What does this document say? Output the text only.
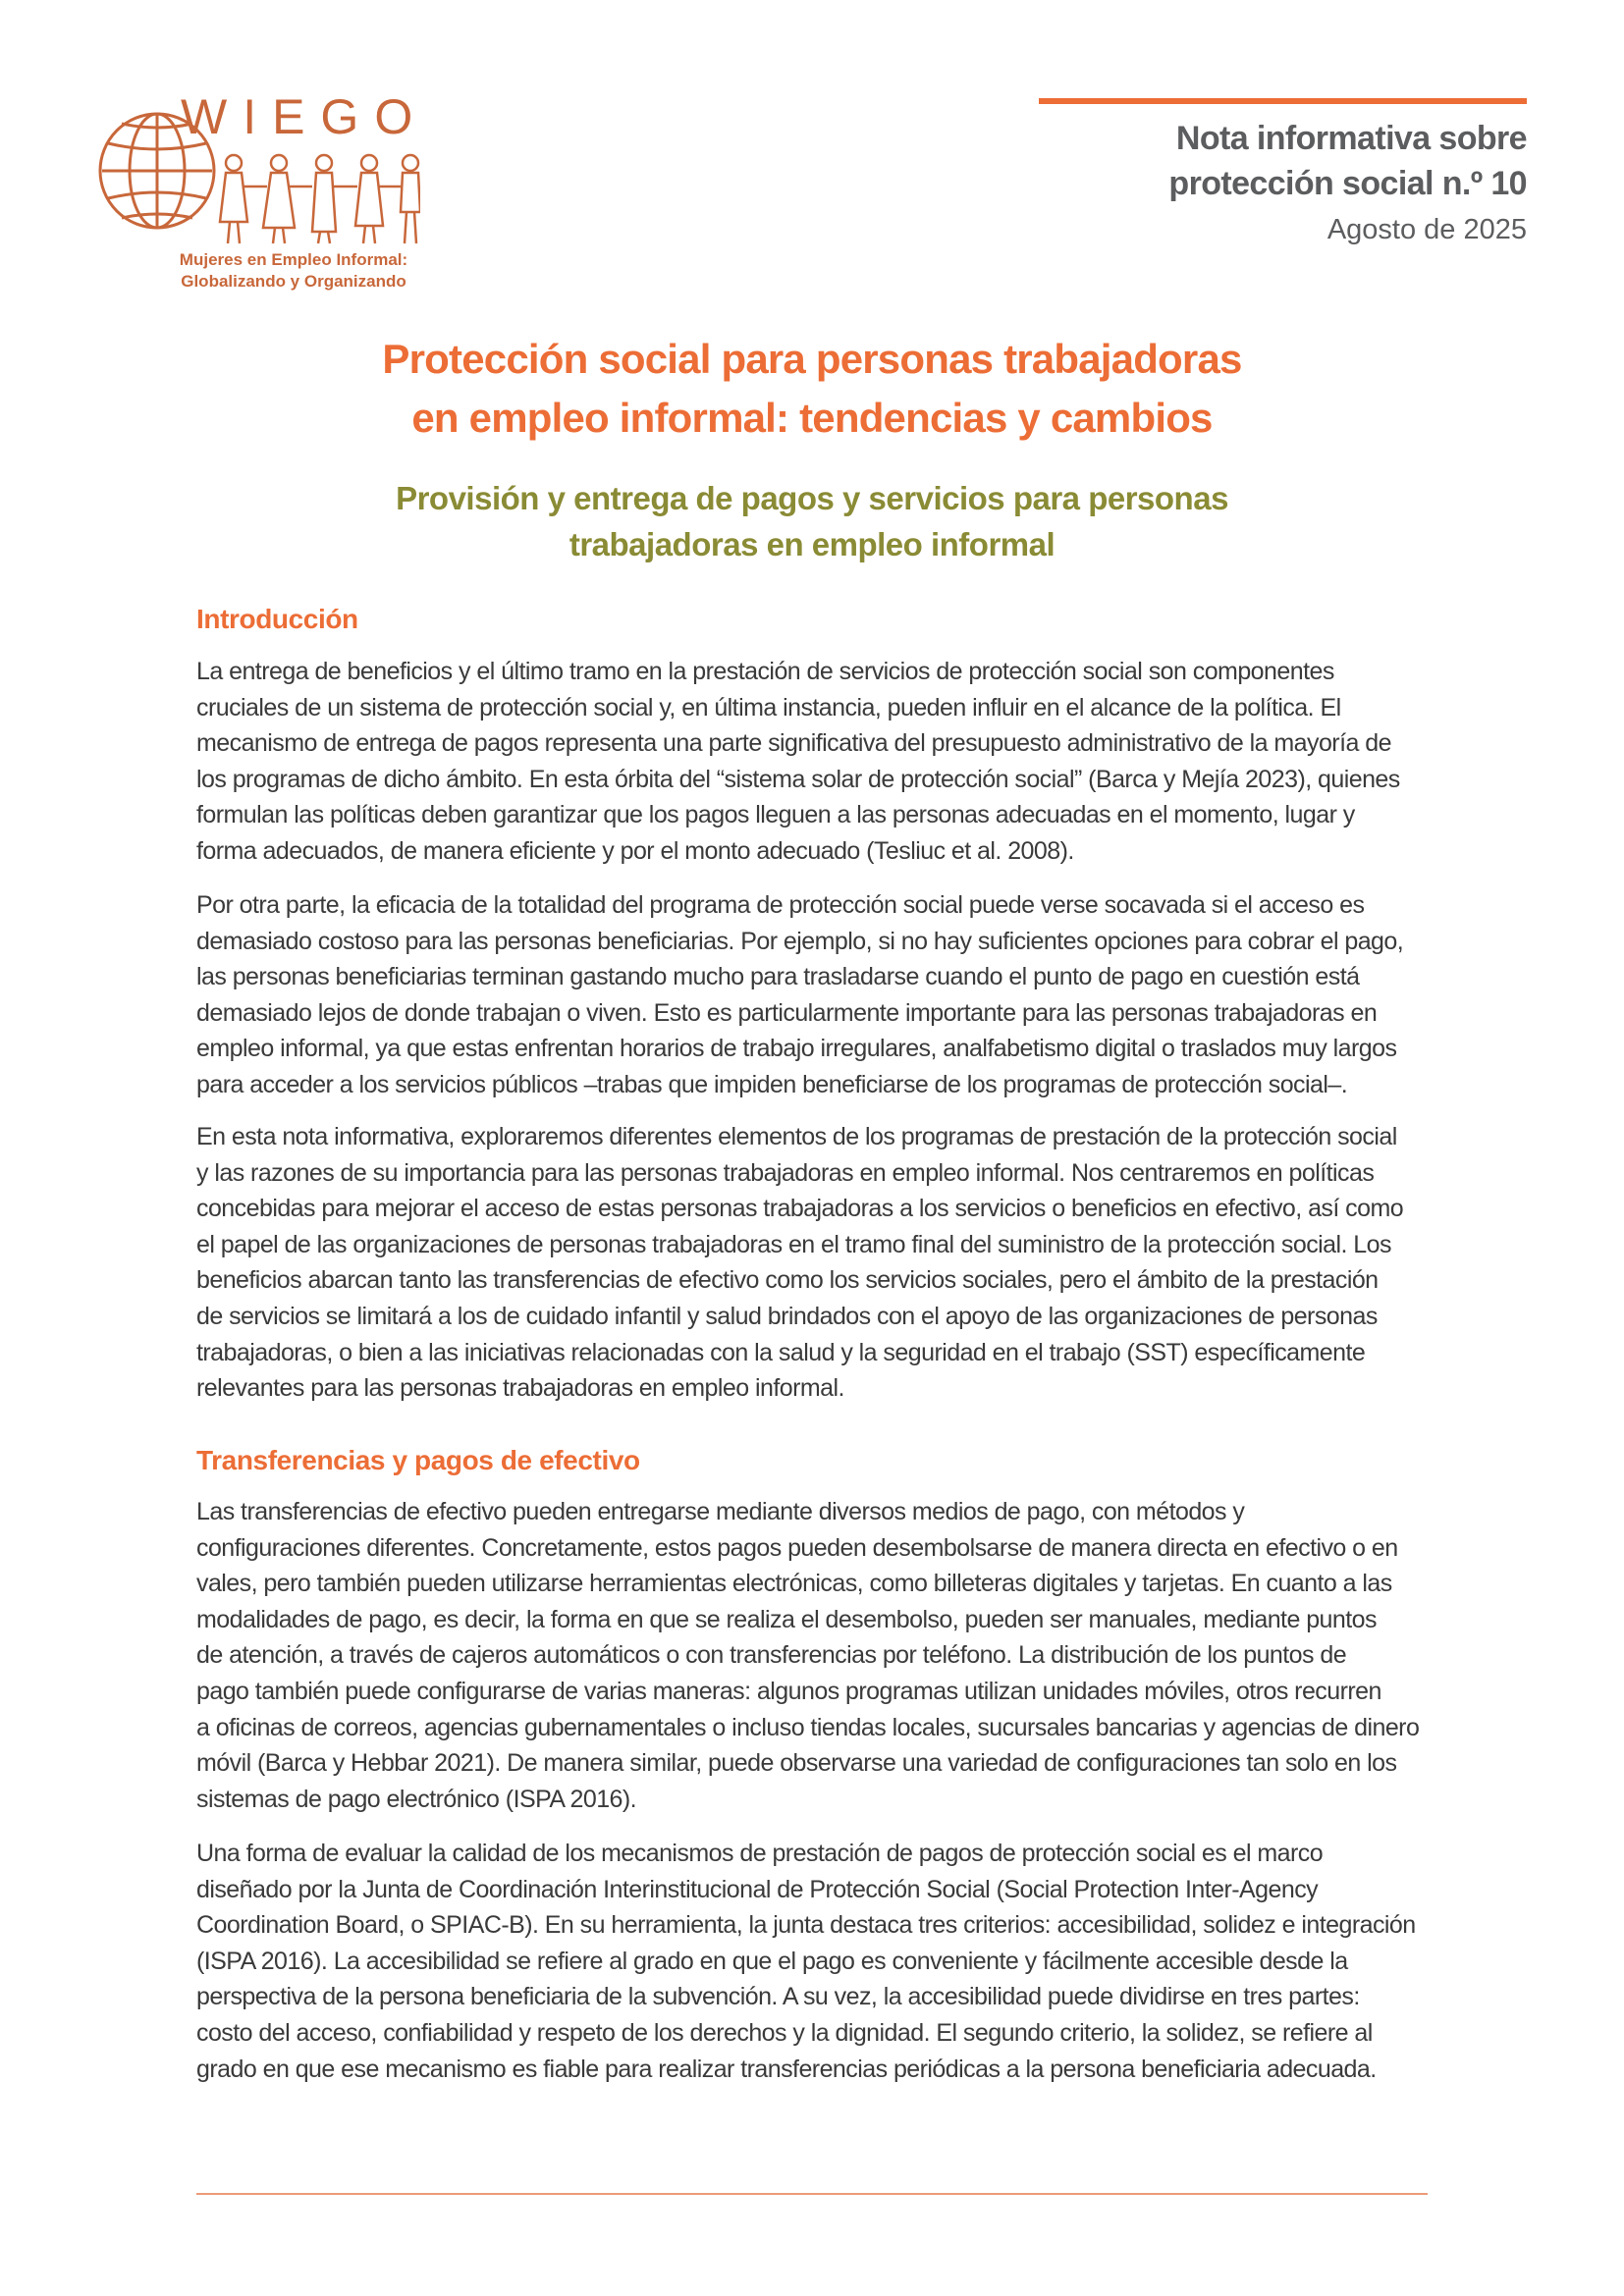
WIEGO
Mujeres en Empleo Informal:
Globalizando y Organizando
Nota informativa sobre
protección social n.º 10
Agosto de 2025
Protección social para personas trabajadoras
en empleo informal: tendencias y cambios
Provisión y entrega de pagos y servicios para personas
trabajadoras en empleo informal
Introducción

La entrega de beneficios y el último tramo en la prestación de servicios de protección social son componentes
cruciales de un sistema de protección social y, en última instancia, pueden influir en el alcance de la política. El
mecanismo de entrega de pagos representa una parte significativa del presupuesto administrativo de la mayoría de
los programas de dicho ámbito. En esta órbita del “sistema solar de protección social” (Barca y Mejía 2023), quienes
formulan las políticas deben garantizar que los pagos lleguen a las personas adecuadas en el momento, lugar y
forma adecuados, de manera eficiente y por el monto adecuado (Tesliuc et al. 2008).

Por otra parte, la eficacia de la totalidad del programa de protección social puede verse socavada si el acceso es
demasiado costoso para las personas beneficiarias. Por ejemplo, si no hay suficientes opciones para cobrar el pago,
las personas beneficiarias terminan gastando mucho para trasladarse cuando el punto de pago en cuestión está
demasiado lejos de donde trabajan o viven. Esto es particularmente importante para las personas trabajadoras en
empleo informal, ya que estas enfrentan horarios de trabajo irregulares, analfabetismo digital o traslados muy largos
para acceder a los servicios públicos –trabas que impiden beneficiarse de los programas de protección social–.

En esta nota informativa, exploraremos diferentes elementos de los programas de prestación de la protección social
y las razones de su importancia para las personas trabajadoras en empleo informal. Nos centraremos en políticas
concebidas para mejorar el acceso de estas personas trabajadoras a los servicios o beneficios en efectivo, así como
el papel de las organizaciones de personas trabajadoras en el tramo final del suministro de la protección social. Los
beneficios abarcan tanto las transferencias de efectivo como los servicios sociales, pero el ámbito de la prestación
de servicios se limitará a los de cuidado infantil y salud brindados con el apoyo de las organizaciones de personas
trabajadoras, o bien a las iniciativas relacionadas con la salud y la seguridad en el trabajo (SST) específicamente
relevantes para las personas trabajadoras en empleo informal.

Transferencias y pagos de efectivo

Las transferencias de efectivo pueden entregarse mediante diversos medios de pago, con métodos y
configuraciones diferentes. Concretamente, estos pagos pueden desembolsarse de manera directa en efectivo o en
vales, pero también pueden utilizarse herramientas electrónicas, como billeteras digitales y tarjetas. En cuanto a las
modalidades de pago, es decir, la forma en que se realiza el desembolso, pueden ser manuales, mediante puntos
de atención, a través de cajeros automáticos o con transferencias por teléfono. La distribución de los puntos de
pago también puede configurarse de varias maneras: algunos programas utilizan unidades móviles, otros recurren
a oficinas de correos, agencias gubernamentales o incluso tiendas locales, sucursales bancarias y agencias de dinero
móvil (Barca y Hebbar 2021). De manera similar, puede observarse una variedad de configuraciones tan solo en los
sistemas de pago electrónico (ISPA 2016).

Una forma de evaluar la calidad de los mecanismos de prestación de pagos de protección social es el marco
diseñado por la Junta de Coordinación Interinstitucional de Protección Social (Social Protection Inter-Agency
Coordination Board, o SPIAC-B). En su herramienta, la junta destaca tres criterios: accesibilidad, solidez e integración
(ISPA 2016). La accesibilidad se refiere al grado en que el pago es conveniente y fácilmente accesible desde la
perspectiva de la persona beneficiaria de la subvención. A su vez, la accesibilidad puede dividirse en tres partes:
costo del acceso, confiabilidad y respeto de los derechos y la dignidad. El segundo criterio, la solidez, se refiere al
grado en que ese mecanismo es fiable para realizar transferencias periódicas a la persona beneficiaria adecuada.
